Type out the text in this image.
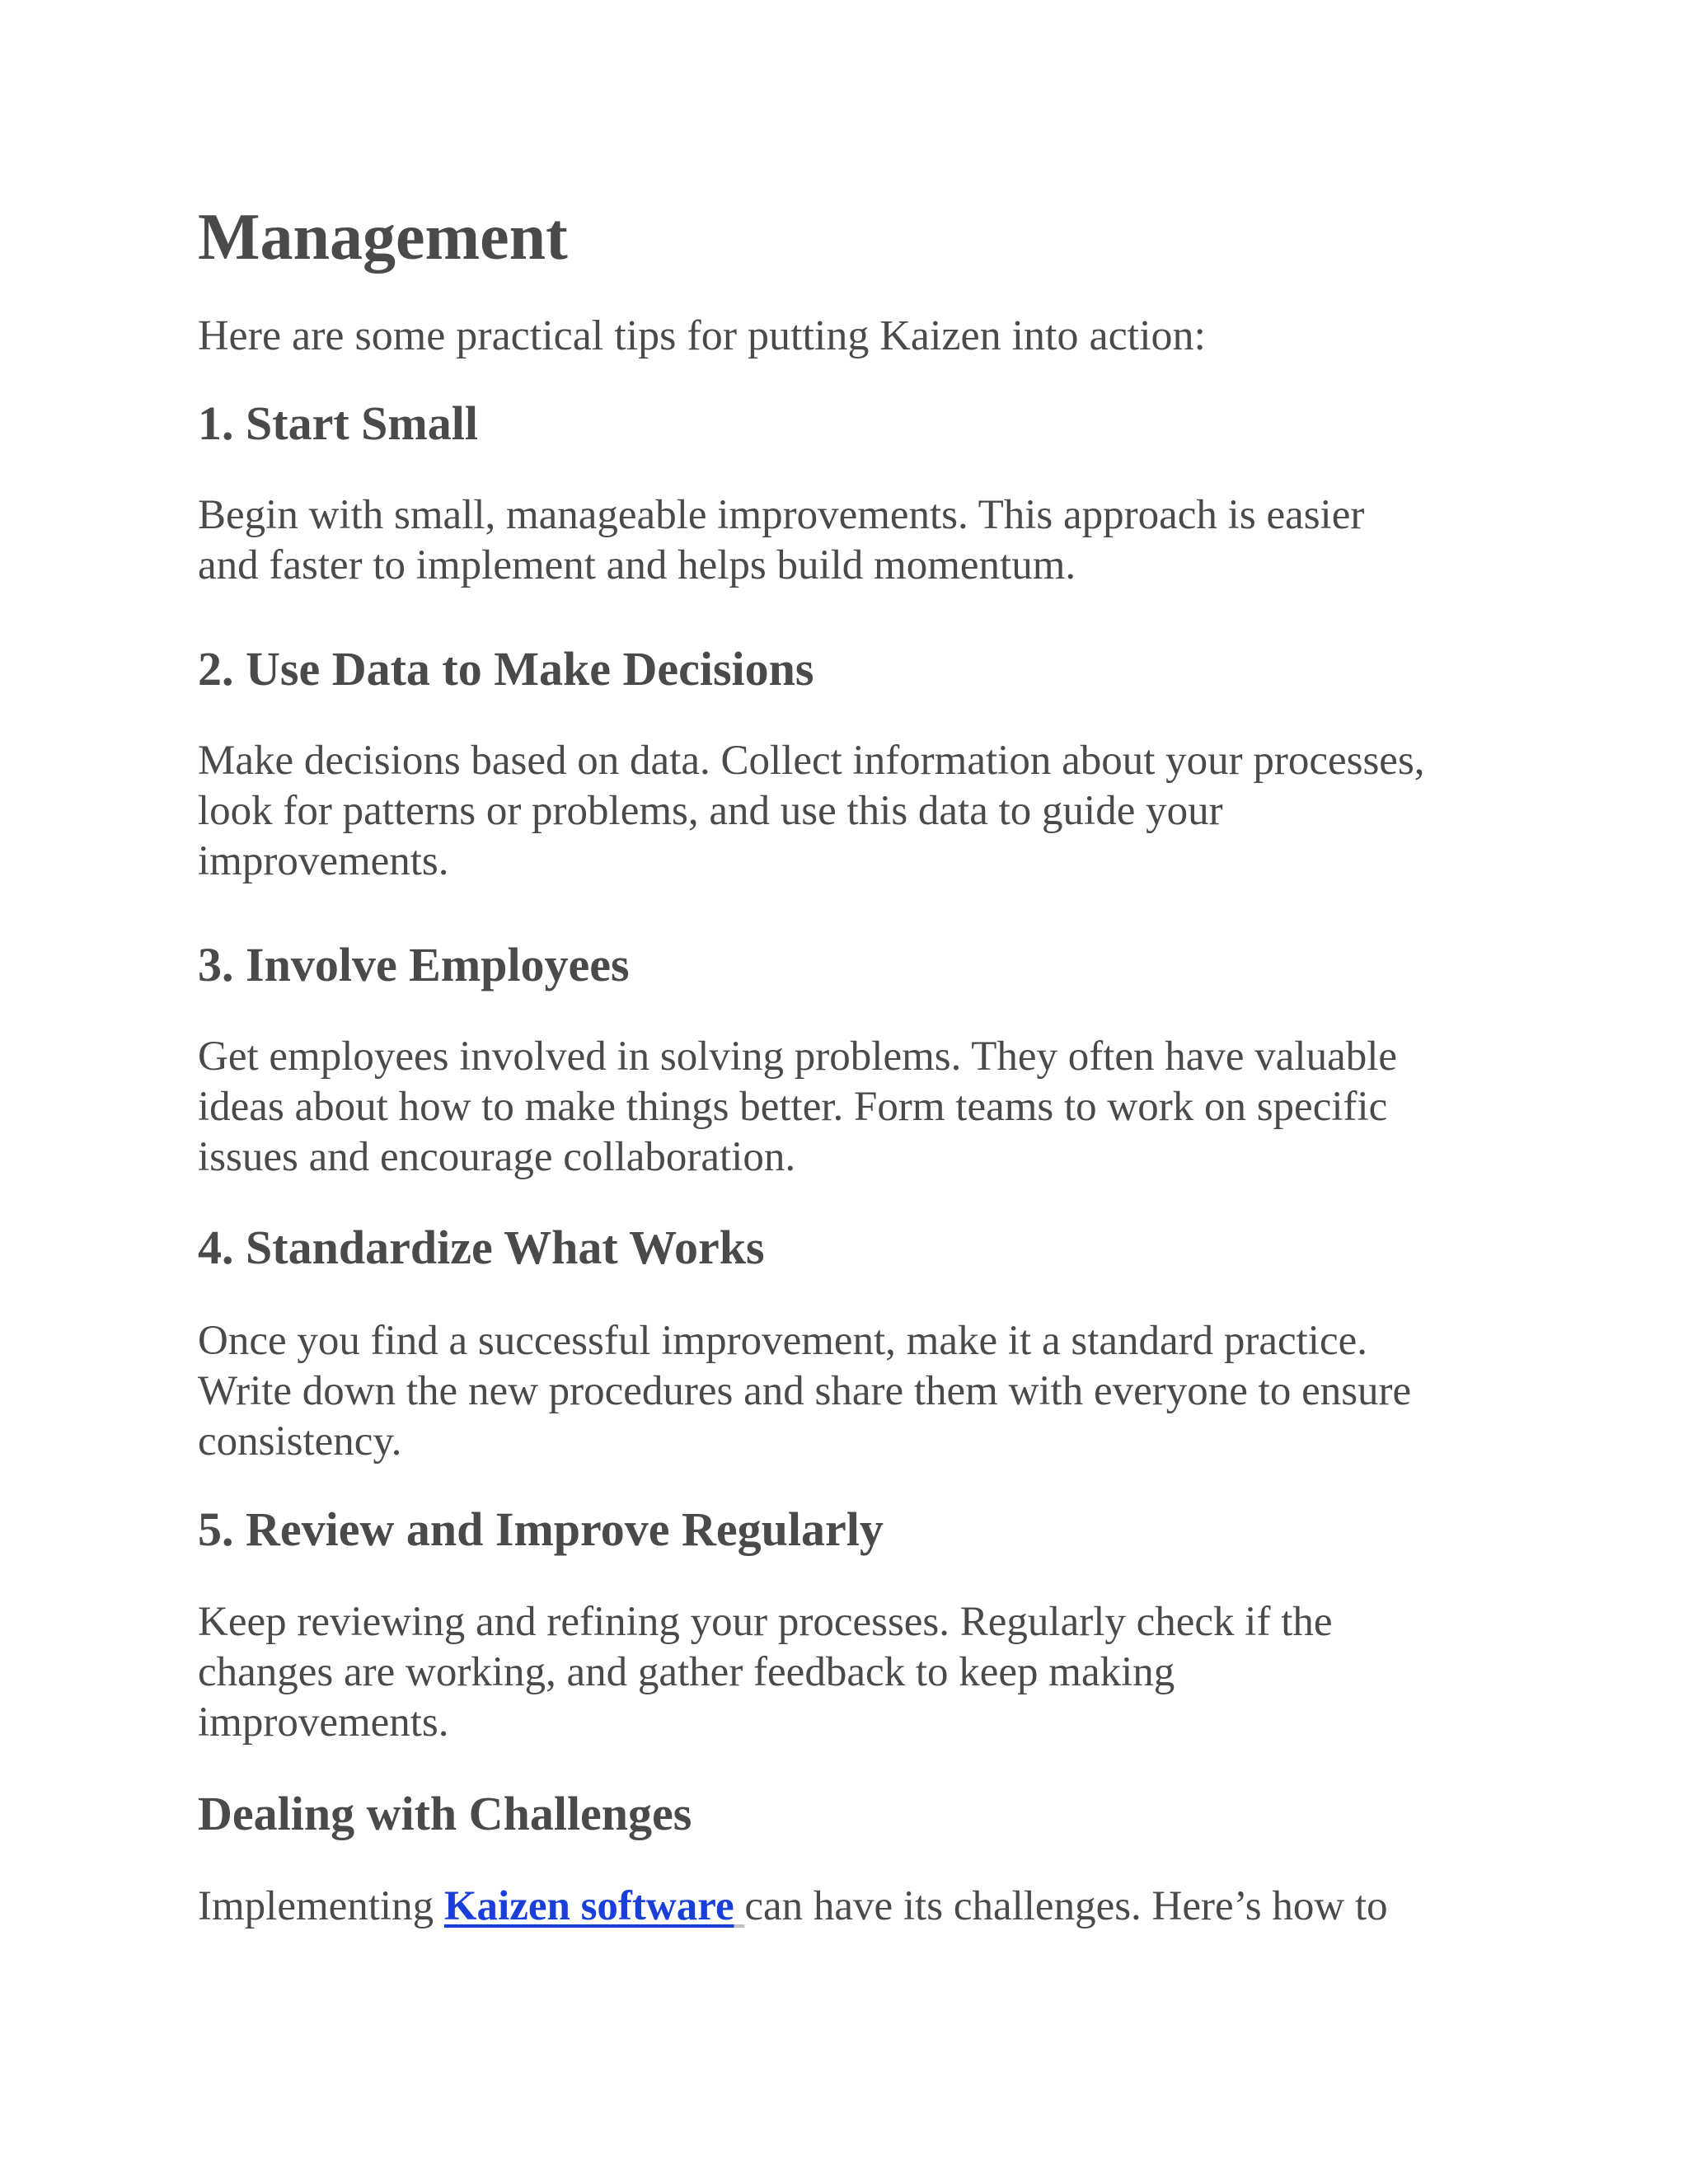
Management

Here are some practical tips for putting Kaizen into action:

1. Start Small

Begin with small, manageable improvements. This approach is easier
and faster to implement and helps build momentum.

2. Use Data to Make Decisions

Make decisions based on data. Collect information about your processes,
look for patterns or problems, and use this data to guide your
improvements.

3. Involve Employees

Get employees involved in solving problems. They often have valuable
ideas about how to make things better. Form teams to work on specific
issues and encourage collaboration.

4. Standardize What Works

Once you find a successful improvement, make it a standard practice.
Write down the new procedures and share them with everyone to ensure
consistency.

5. Review and Improve Regularly

Keep reviewing and refining your processes. Regularly check if the
changes are working, and gather feedback to keep making
improvements.

Dealing with Challenges

Implementing Kaizen software can have its challenges. Here’s how to
